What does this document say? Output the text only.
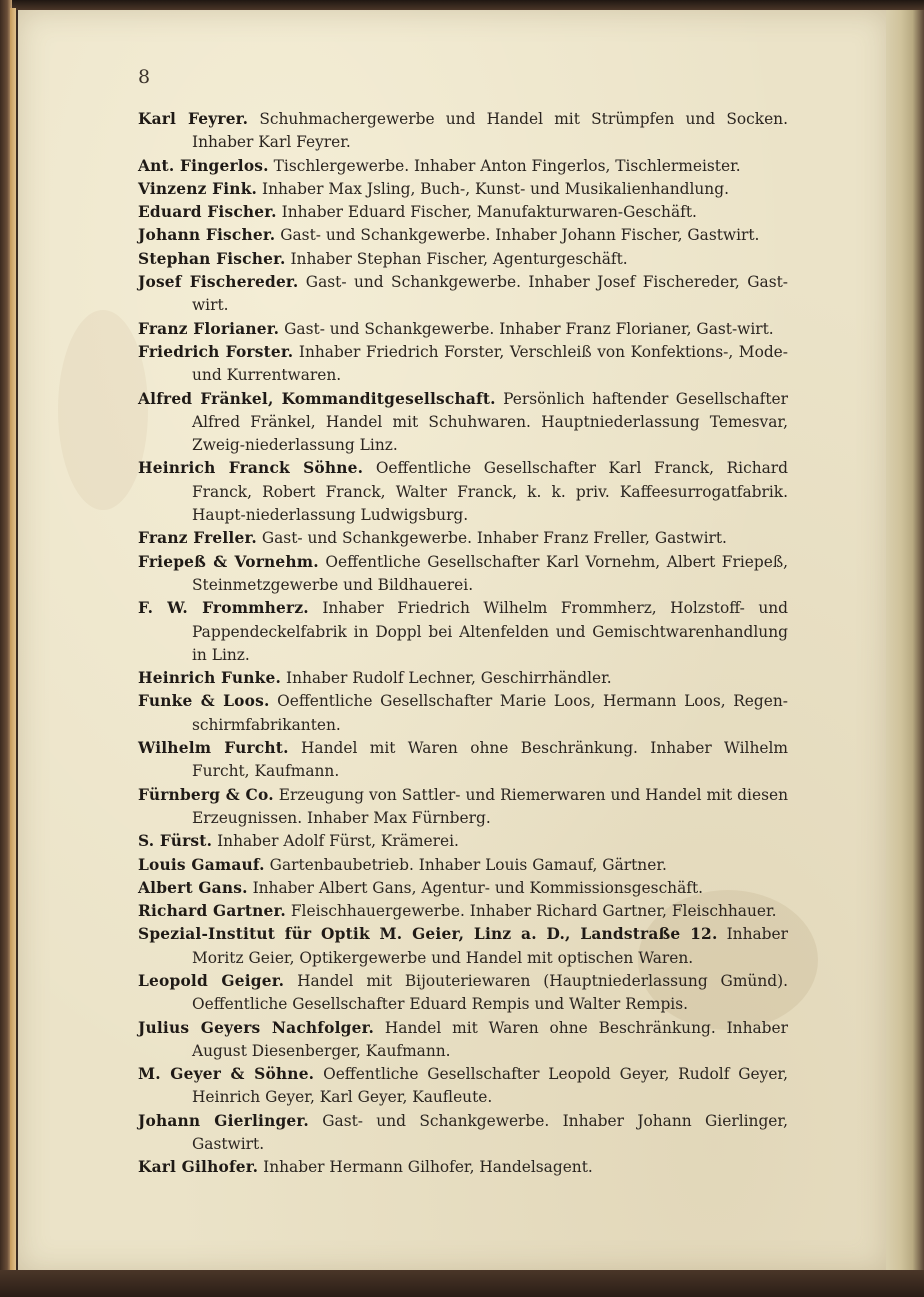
8

Karl Feyrer. Schuhmachergewerbe und Handel mit Strümpfen und Socken. Inhaber Karl Feyrer.

Ant. Fingerlos. Tischlergewerbe. Inhaber Anton Fingerlos, Tischlermeister.

Vinzenz Fink. Inhaber Max Jsling, Buch-, Kunst- und Musikalienhandlung.

Eduard Fischer. Inhaber Eduard Fischer, Manufakturwaren-Geschäft.

Johann Fischer. Gast- und Schankgewerbe. Inhaber Johann Fischer, Gastwirt.

Stephan Fischer. Inhaber Stephan Fischer, Agenturgeschäft.

Josef Fischereder. Gast- und Schankgewerbe. Inhaber Josef Fischereder, Gast-wirt.

Franz Florianer. Gast- und Schankgewerbe. Inhaber Franz Florianer, Gast-wirt.

Friedrich Forster. Inhaber Friedrich Forster, Verschleiß von Konfektions-, Mode- und Kurrentwaren.

Alfred Fränkel, Kommanditgesellschaft. Persönlich haftender Gesellschafter Alfred Fränkel, Handel mit Schuhwaren. Hauptniederlassung Temesvar, Zweig-niederlassung Linz.

Heinrich Franck Söhne. Oeffentliche Gesellschafter Karl Franck, Richard Franck, Robert Franck, Walter Franck, k. k. priv. Kaffeesurrogatfabrik. Haupt-niederlassung Ludwigsburg.

Franz Freller. Gast- und Schankgewerbe. Inhaber Franz Freller, Gastwirt.

Friepeß & Vornehm. Oeffentliche Gesellschafter Karl Vornehm, Albert Friepeß, Steinmetzgewerbe und Bildhauerei.

F. W. Frommherz. Inhaber Friedrich Wilhelm Frommherz, Holzstoff- und Pappendeckelfabrik in Doppl bei Altenfelden und Gemischtwarenhandlung in Linz.

Heinrich Funke. Inhaber Rudolf Lechner, Geschirrhändler.

Funke & Loos. Oeffentliche Gesellschafter Marie Loos, Hermann Loos, Regen-schirmfabrikanten.

Wilhelm Furcht. Handel mit Waren ohne Beschränkung. Inhaber Wilhelm Furcht, Kaufmann.

Fürnberg & Co. Erzeugung von Sattler- und Riemerwaren und Handel mit diesen Erzeugnissen. Inhaber Max Fürnberg.

S. Fürst. Inhaber Adolf Fürst, Krämerei.

Louis Gamauf. Gartenbaubetrieb. Inhaber Louis Gamauf, Gärtner.

Albert Gans. Inhaber Albert Gans, Agentur- und Kommissionsgeschäft.

Richard Gartner. Fleischhauergewerbe. Inhaber Richard Gartner, Fleischhauer.

Spezial-Institut für Optik M. Geier, Linz a. D., Landstraße 12. Inhaber Moritz Geier, Optikergewerbe und Handel mit optischen Waren.

Leopold Geiger. Handel mit Bijouteriewaren (Hauptniederlassung Gmünd). Oeffentliche Gesellschafter Eduard Rempis und Walter Rempis.

Julius Geyers Nachfolger. Handel mit Waren ohne Beschränkung. Inhaber August Diesenberger, Kaufmann.

M. Geyer & Söhne. Oeffentliche Gesellschafter Leopold Geyer, Rudolf Geyer, Heinrich Geyer, Karl Geyer, Kaufleute.

Johann Gierlinger. Gast- und Schankgewerbe. Inhaber Johann Gierlinger, Gastwirt.

Karl Gilhofer. Inhaber Hermann Gilhofer, Handelsagent.
